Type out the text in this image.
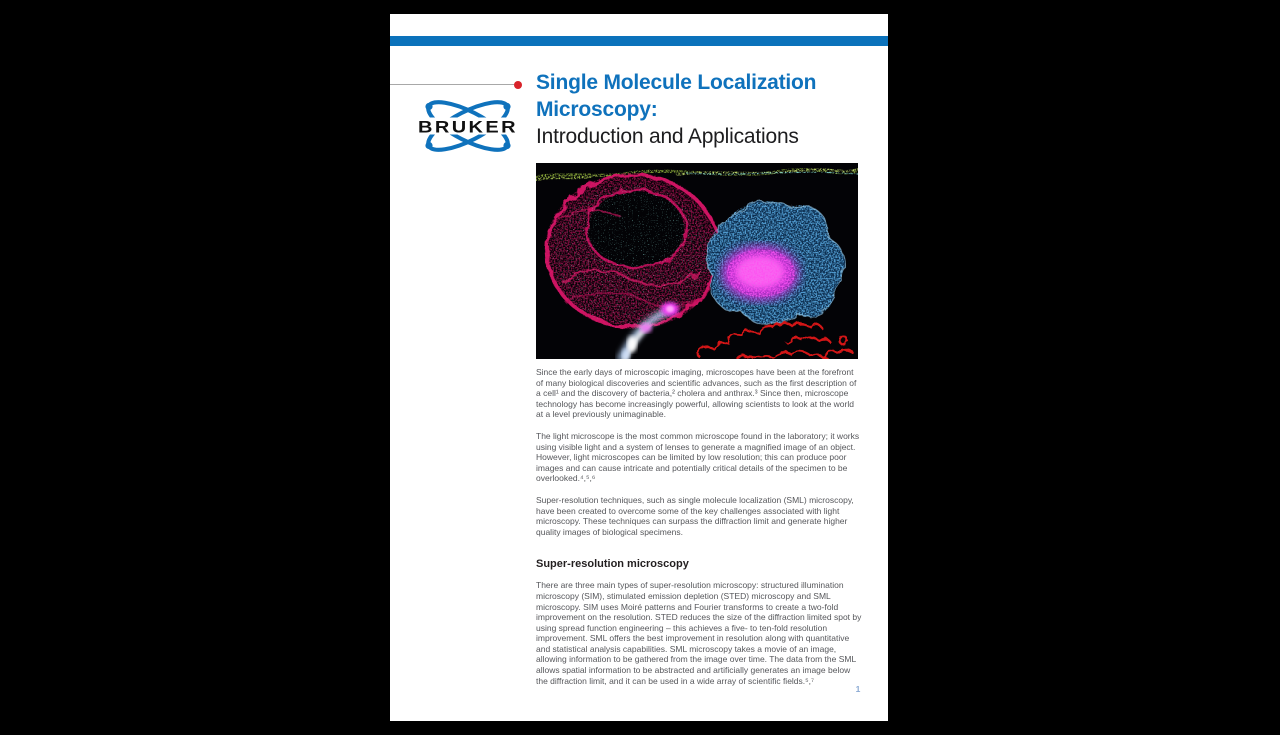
BRUKER
Single Molecule Localization
Microscopy:
Introduction and Applications

Since the early days of microscopic imaging, microscopes have been at the forefront of many biological discoveries and scientific advances, such as the first description of a cell¹ and the discovery of bacteria,² cholera and anthrax.³ Since then, microscope technology has become increasingly powerful, allowing scientists to look at the world at a level previously unimaginable.

The light microscope is the most common microscope found in the laboratory; it works using visible light and a system of lenses to generate a magnified image of an object. However, light microscopes can be limited by low resolution; this can produce poor images and can cause intricate and potentially critical details of the specimen to be overlooked.⁴,⁵,⁶

Super-resolution techniques, such as single molecule localization (SML) microscopy, have been created to overcome some of the key challenges associated with light microscopy. These techniques can surpass the diffraction limit and generate higher quality images of biological specimens.

Super-resolution microscopy

There are three main types of super-resolution microscopy: structured illumination microscopy (SIM), stimulated emission depletion (STED) microscopy and SML microscopy. SIM uses Moiré patterns and Fourier transforms to create a two-fold improvement on the resolution. STED reduces the size of the diffraction limited spot by using spread function engineering – this achieves a five- to ten-fold resolution improvement. SML offers the best improvement in resolution along with quantitative and statistical analysis capabilities. SML microscopy takes a movie of an image, allowing information to be gathered from the image over time. The data from the SML allows spatial information to be abstracted and artificially generates an image below the diffraction limit, and it can be used in a wide array of scientific fields.⁵,⁷

1
